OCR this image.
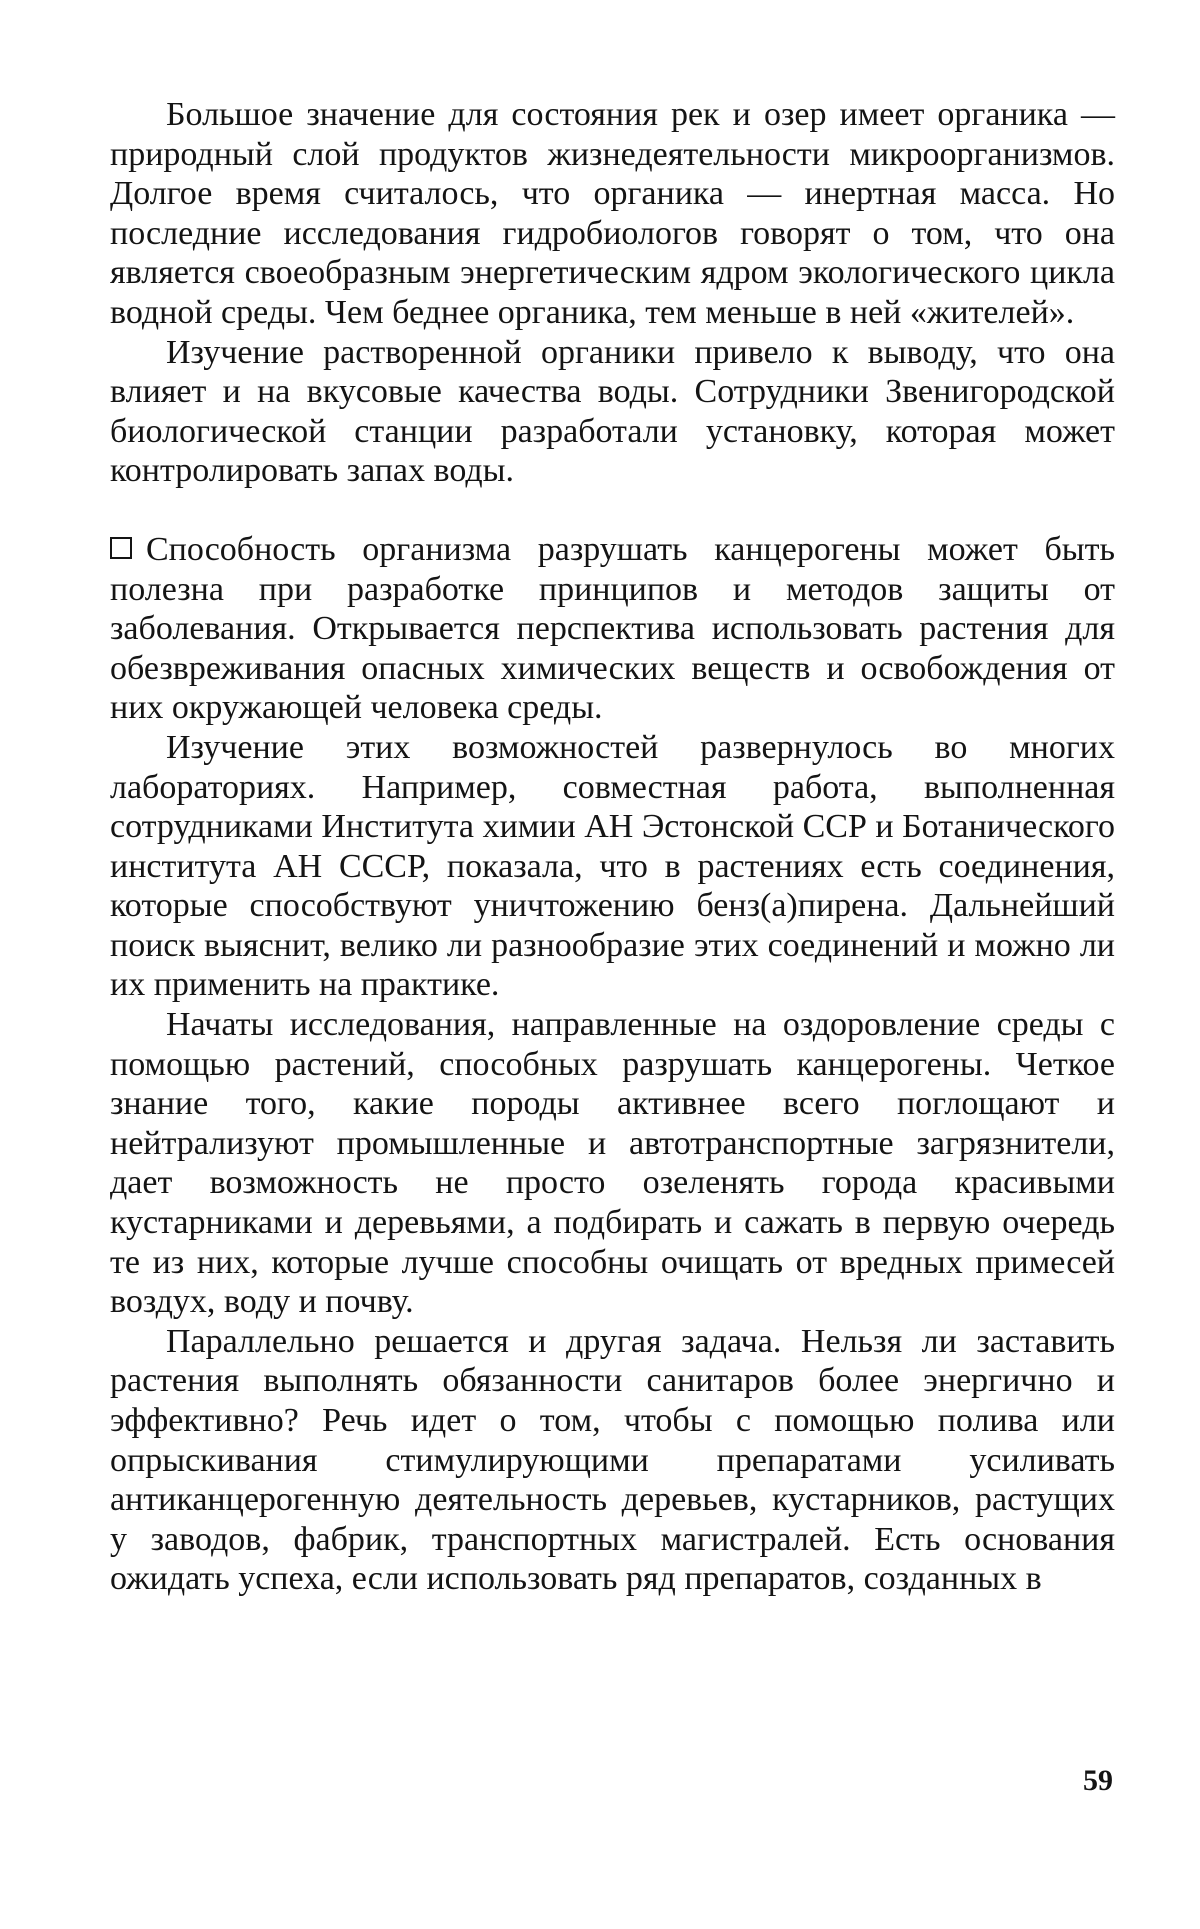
Большое значение для состояния рек и озер имеет органика — природный слой продуктов жизнедеятельности микроорганизмов. Долгое время считалось, что органика — инертная масса. Но последние исследования гидробиологов говорят о том, что она является своеобразным энергетическим ядром экологического цикла водной среды. Чем беднее органика, тем меньше в ней «жителей».

Изучение растворенной органики привело к выводу, что она влияет и на вкусовые качества воды. Сотрудники Звенигородской биологической станции разработали установку, которая может контролировать запах воды.

Способность организма разрушать канцерогены может быть полезна при разработке принципов и методов защиты от заболевания. Открывается перспектива использовать растения для обезвреживания опасных химических веществ и освобождения от них окружающей человека среды.

Изучение этих возможностей развернулось во многих лабораториях. Например, совместная работа, выполненная сотрудниками Института химии АН Эстонской ССР и Ботанического института АН СССР, показала, что в растениях есть соединения, которые способствуют уничтожению бенз(а)пирена. Дальнейший поиск выяснит, велико ли разнообразие этих соединений и можно ли их применить на практике.

Начаты исследования, направленные на оздоровление среды с помощью растений, способных разрушать канцерогены. Четкое знание того, какие породы активнее всего поглощают и нейтрализуют промышленные и автотранспортные загрязнители, дает возможность не просто озеленять города красивыми кустарниками и деревьями, а подбирать и сажать в первую очередь те из них, которые лучше способны очищать от вредных примесей воздух, воду и почву.

Параллельно решается и другая задача. Нельзя ли заставить растения выполнять обязанности санитаров более энергично и эффективно? Речь идет о том, чтобы с помощью полива или опрыскивания стимулирующими препаратами усиливать антиканцерогенную деятельность деревьев, кустарников, растущих у заводов, фабрик, транспортных магистралей. Есть основания ожидать успеха, если использовать ряд препаратов, созданных в

59
